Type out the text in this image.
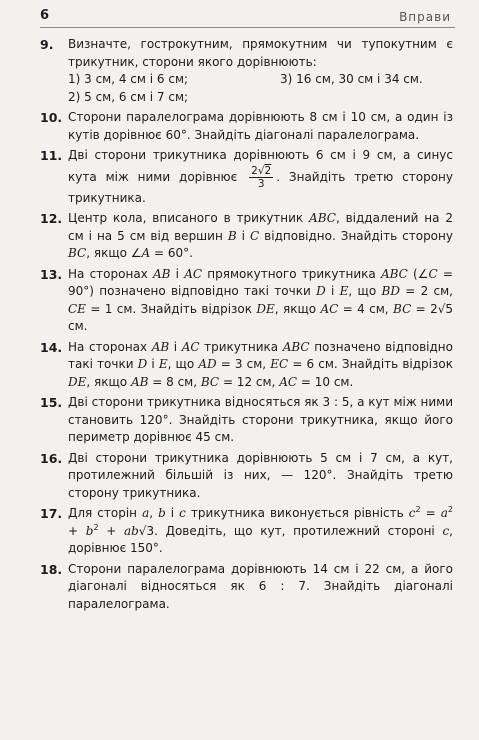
6	Вправи
9.	Визначте, гострокутним, прямокутним чи тупокутним є трикутник, сторони якого дорівнюють:
1) 3 см, 4 см і 6 см;	3) 16 см, 30 см і 34 см.
2) 5 см, 6 см і 7 см;
10. Сторони паралелограма дорівнюють 8 см і 10 см, а один із кутів дорівнює 60°. Знайдіть діагоналі паралелограма.
11. Дві сторони трикутника дорівнюють 6 см і 9 см, а синус кута між ними дорівнює $\frac{2√2}{3}$ . Знайдіть третю сторону трикутника.
12. Центр кола, вписаного в трикутник ABC, віддалений на 2 см і на 5 см від вершин B і C відповідно. Знайдіть сторону BC, якщо ∠A = 60°.
13. На сторонах AB і AC прямокутного трикутника ABC (∠C = 90°) позначено відповідно такі точки D і E, що BD = 2 см, CE = 1 см. Знайдіть відрізок DE, якщо AC = 4 см, BC = 2√5 см.
14. На сторонах AB і AC трикутника ABC позначено відповідно такі точки D і E, що AD = 3 см, EC = 6 см. Знайдіть відрізок DE, якщо AB = 8 см, BC = 12 см, AC = 10 см.
15. Дві сторони трикутника відносяться як 3 : 5, а кут між ними становить 120°. Знайдіть сторони трикутника, якщо його периметр дорівнює 45 см.
16. Дві сторони трикутника дорівнюють 5 см і 7 см, а кут, протилежний більшій із них, — 120°. Знайдіть третю сторону трикутника.
17. Для сторін a, b і c трикутника виконується рівність $c^2 = a^2 + b^2 + ab√3$. Доведіть, що кут, протилежний стороні c, дорівнює 150°.
18. Сторони паралелограма дорівнюють 14 см і 22 см, а його діагоналі відносяться як 6 : 7. Знайдіть діагоналі паралелограма.
